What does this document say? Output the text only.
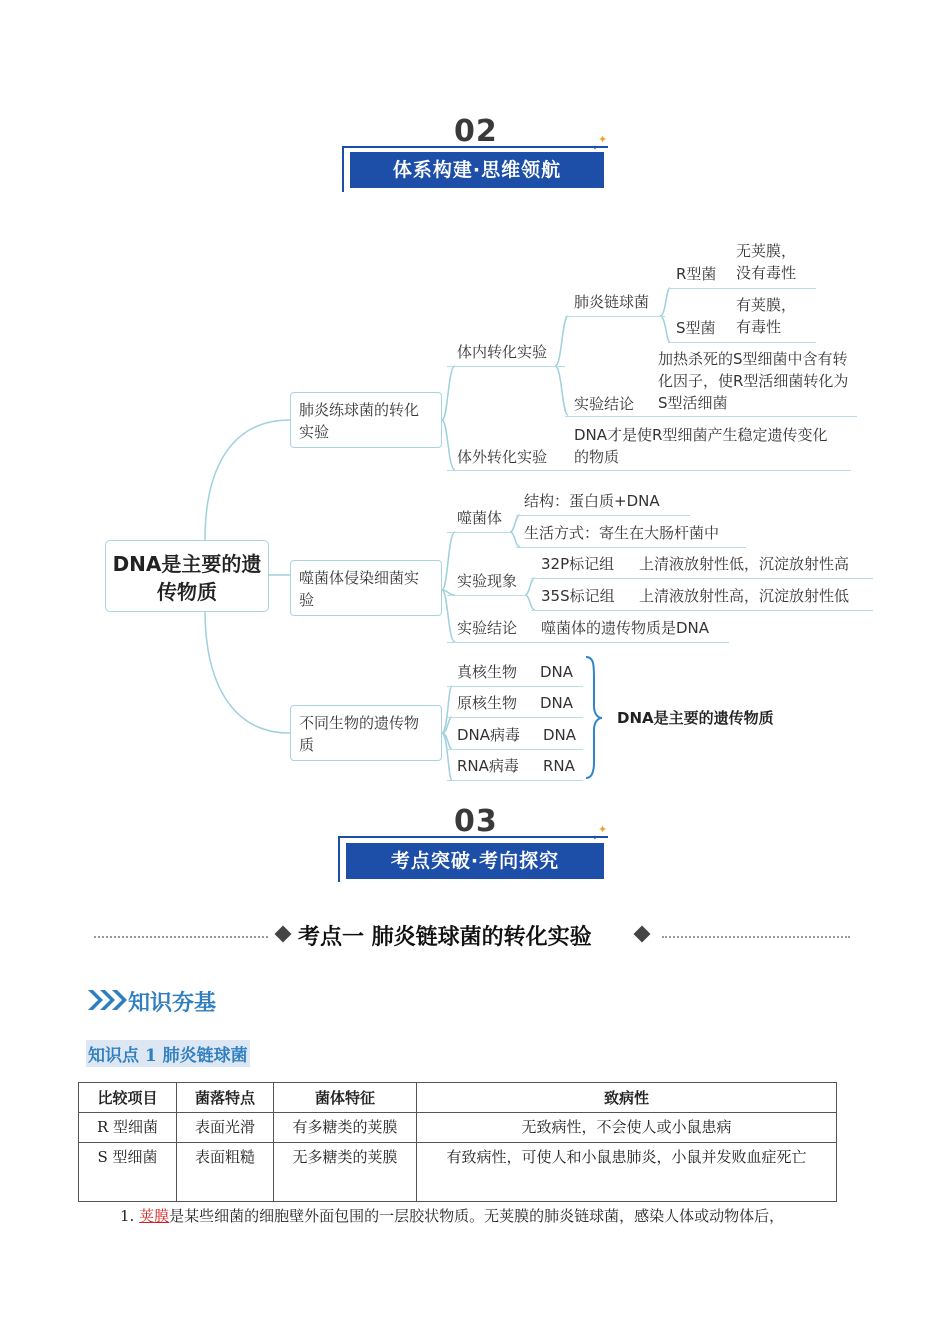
02	✦
✦
体系构建·思维领航
DNA是主要的遗传物质
肺炎练球菌的转化实验
体内转化实验
肺炎链球菌
R型菌
无荚膜，没有毒性
S型菌
有荚膜，有毒性
实验结论
加热杀死的S型细菌中含有转化因子，使R型活细菌转化为S型活细菌
体外转化实验
DNA才是使R型细菌产生稳定遗传变化的物质
噬菌体侵染细菌实验
噬菌体
结构：蛋白质+DNA
生活方式：寄生在大肠杆菌中
实验现象
32P标记组 上清液放射性低，沉淀放射性高
35S标记组 上清液放射性高，沉淀放射性低
实验结论 噬菌体的遗传物质是DNA
不同生物的遗传物质
真核生物 DNA
原核生物 DNA
DNA病毒 DNA
RNA病毒 RNA
DNA是主要的遗传物质
03	✦
✦
考点突破·考向探究
考点⼀ 肺炎链球菌的转化实验
知识夯基
知识点 1 肺炎链球菌
比较项目	菌落特点	菌体特征	致病性
R 型细菌	表面光滑	有多糖类的荚膜	无致病性，不会使人或小鼠患病
S 型细菌	表面粗糙	无多糖类的荚膜	有致病性，可使人和小鼠患肺炎，小鼠并发败血症死亡
1. 荚膜是某些细菌的细胞壁外面包围的一层胶状物质。无荚膜的肺炎链球菌，感染人体或动物体后，
